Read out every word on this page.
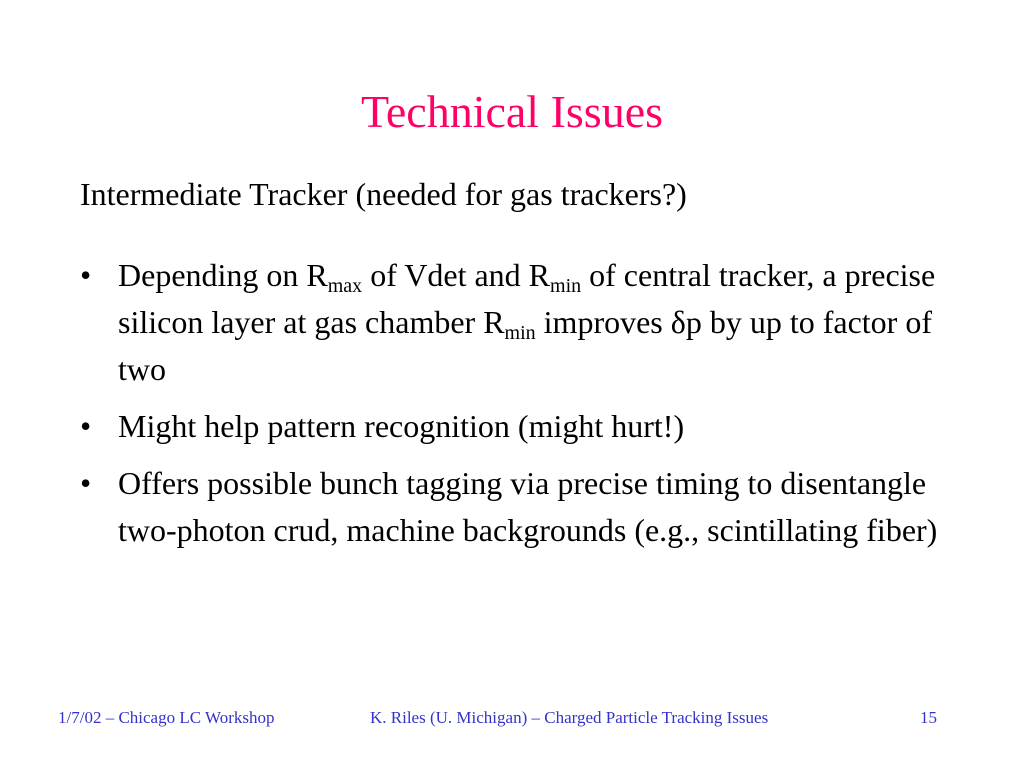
Technical Issues
Intermediate Tracker (needed for gas trackers?)
• Depending on $R_{max}$ of Vdet and $R_{min}$ of central tracker, a precise silicon layer at gas chamber $R_{min}$ improves δp by up to factor of two
• Might help pattern recognition (might hurt!)
• Offers possible bunch tagging via precise timing to disentangle two-photon crud, machine backgrounds (e.g., scintillating fiber)
1/7/02 – Chicago LC Workshop	K. Riles (U. Michigan) – Charged Particle Tracking Issues	15
